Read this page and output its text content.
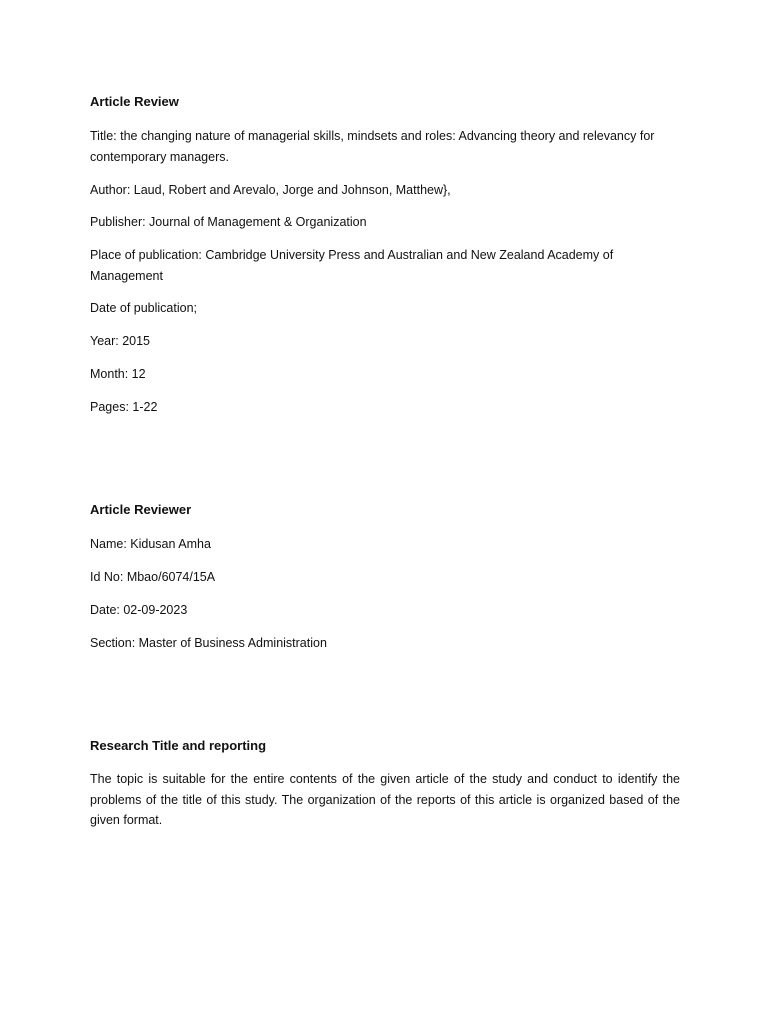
Article Review

Title: the changing nature of managerial skills, mindsets and roles: Advancing theory and relevancy for contemporary managers.

Author: Laud, Robert and Arevalo, Jorge and Johnson, Matthew},

Publisher: Journal of Management & Organization

Place of publication: Cambridge University Press and Australian and New Zealand Academy of Management

Date of publication;

Year: 2015

Month: 12

Pages: 1-22

Article Reviewer

Name: Kidusan Amha

Id No: Mbao/6074/15A

Date: 02-09-2023

Section: Master of Business Administration

Research Title and reporting

The topic is suitable for the entire contents of the given article of the study and conduct to identify the problems of the title of this study. The organization of the reports of this article is organized based of the given format.
